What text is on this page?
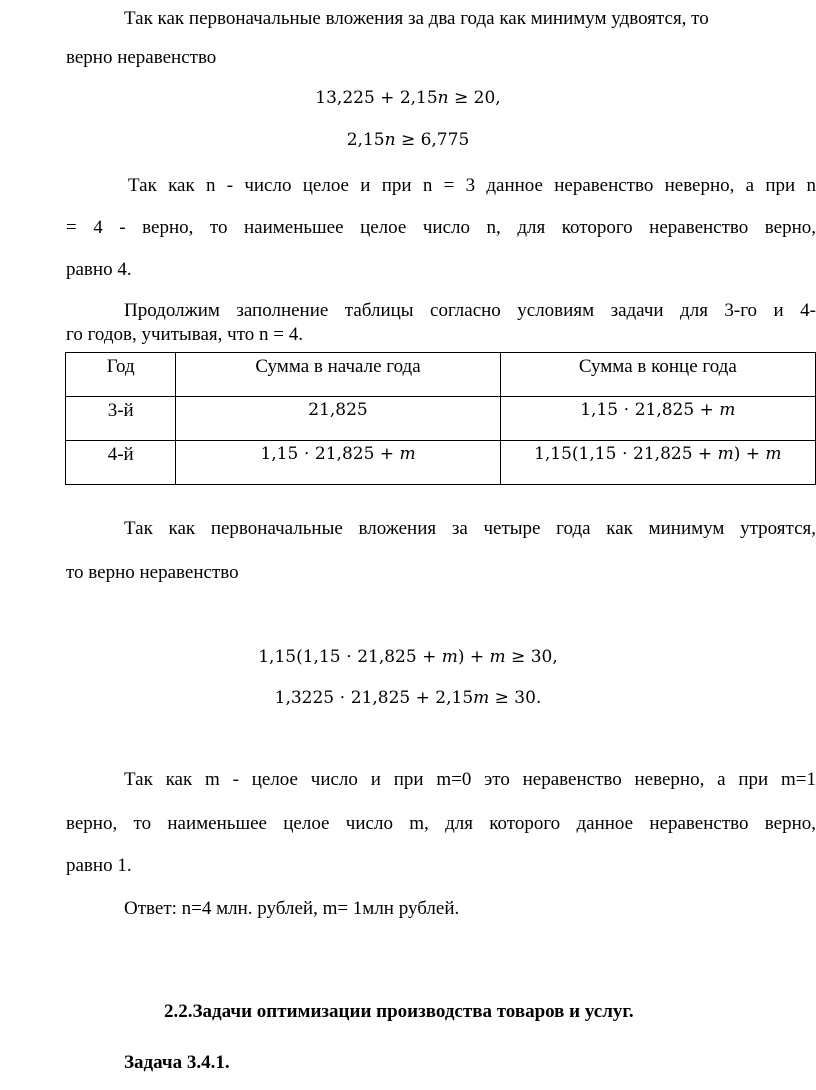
Так как первоначальные вложения за два года как минимум удвоятся, то
верно неравенство
13,225 + 2,15𝑛 ≥ 20,
2,15𝑛 ≥ 6,775
Так как n - число целое и при n = 3 данное неравенство неверно, а при n
= 4 - верно, то наименьшее целое число n, для которого неравенство верно,
равно 4.
Продолжим заполнение таблицы согласно условиям задачи для 3-го и 4-
го годов, учитывая, что n = 4.
Год	Сумма в начале года	Сумма в конце года
3-й	21,825	1,15 ⋅ 21,825 + 𝑚
4-й	1,15 ⋅ 21,825 + 𝑚	1,15(1,15 ⋅ 21,825 + 𝑚) + 𝑚
Так как первоначальные вложения за четыре года как минимум утроятся,
то верно неравенство
1,15(1,15 ⋅ 21,825 + 𝑚) + 𝑚 ≥ 30,
1,3225 ⋅ 21,825 + 2,15𝑚 ≥ 30.
Так как m - целое число и при m=0 это неравенство неверно, а при m=1
верно, то наименьшее целое число m, для которого данное неравенство верно,
равно 1.
Ответ: n=4 млн. рублей, m= 1млн рублей.
2.2.Задачи оптимизации производства товаров и услуг.
Задача 3.4.1.
